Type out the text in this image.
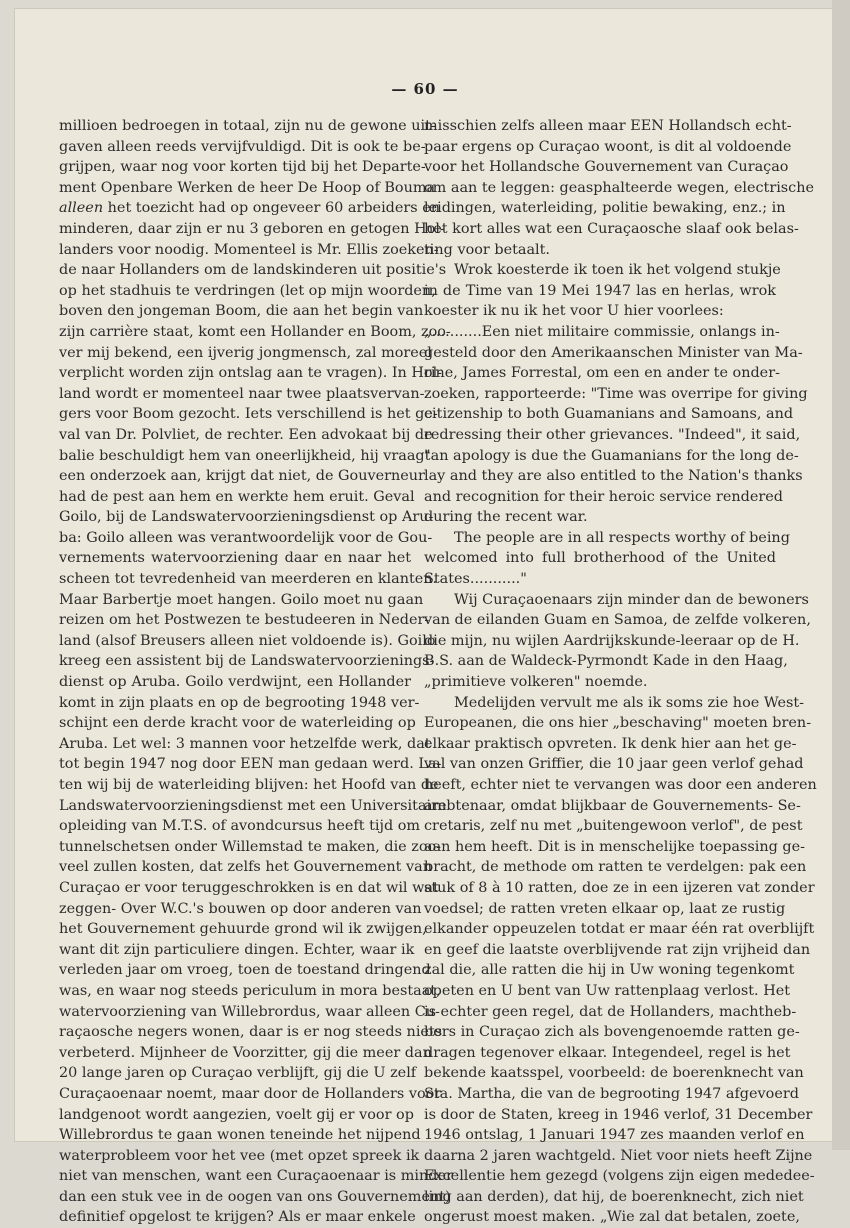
— 60 —
millioen bedroegen in totaal, zijn nu de gewone uit-
gaven alleen reeds vervijfvuldigd. Dit is ook te be-
grijpen, waar nog voor korten tijd bij het Departe-
ment Openbare Werken de heer De Hoop of Bouma
alleen het toezicht had op ongeveer 60 arbeiders en
minderen, daar zijn er nu 3 geboren en getogen Hol-
landers voor noodig. Momenteel is Mr. Ellis zoeken-
de naar Hollanders om de landskinderen uit positie's
op het stadhuis te verdringen (let op mijn woorden,
boven den jongeman Boom, die aan het begin van
zijn carrière staat, komt een Hollander en Boom, zoo-
ver mij bekend, een ijverig jongmensch, zal moreel
verplicht worden zijn ontslag aan te vragen). In Hol-
land wordt er momenteel naar twee plaatsvervan-
gers voor Boom gezocht. Iets verschillend is het ge-
val van Dr. Polvliet, de rechter. Een advokaat bij de
balie beschuldigt hem van oneerlijkheid, hij vraagt
een onderzoek aan, krijgt dat niet, de Gouverneur
had de pest aan hem en werkte hem eruit. Geval
Goilo, bij de Landswatervoorzieningsdienst op Aru-
ba: Goilo alleen was verantwoordelijk voor de Gou-
vernements watervoorziening daar en naar het
scheen tot tevredenheid van meerderen en klanten.
Maar Barbertje moet hangen. Goilo moet nu gaan
reizen om het Postwezen te bestudeeren in Neder-
land (alsof Breusers alleen niet voldoende is). Goilo
kreeg een assistent bij de Landswatervoorzienings-
dienst op Aruba. Goilo verdwijnt, een Hollander
komt in zijn plaats en op de begrooting 1948 ver-
schijnt een derde kracht voor de waterleiding op
Aruba. Let wel: 3 mannen voor hetzelfde werk, dat
tot begin 1947 nog door EEN man gedaan werd. La-
ten wij bij de waterleiding blijven: het Hoofd van de
Landswatervoorzieningsdienst met een Universitaire
opleiding van M.T.S. of avondcursus heeft tijd om
tunnelschetsen onder Willemstad te maken, die zoo-
veel zullen kosten, dat zelfs het Gouvernement van
Curaçao er voor teruggeschrokken is en dat wil wat
zeggen- Over W.C.'s bouwen op door anderen van
het Gouvernement gehuurde grond wil ik zwijgen,
want dit zijn particuliere dingen. Echter, waar ik
verleden jaar om vroeg, toen de toestand dringend
was, en waar nog steeds periculum in mora bestaat,
watervoorziening van Willebrordus, waar alleen Cu-
raçaosche negers wonen, daar is er nog steeds niets
verbeterd. Mijnheer de Voorzitter, gij die meer dan
20 lange jaren op Curaçao verblijft, gij die U zelf
Curaçaoenaar noemt, maar door de Hollanders voor
landgenoot wordt aangezien, voelt gij er voor op
Willebrordus te gaan wonen teneinde het nijpend
waterprobleem voor het vee (met opzet spreek ik
niet van menschen, want een Curaçaoenaar is minder
dan een stuk vee in de oogen van ons Gouvernement)
definitief opgelost te krijgen? Als er maar enkele
misschien zelfs alleen maar EEN Hollandsch echt-
paar ergens op Curaçao woont, is dit al voldoende
voor het Hollandsche Gouvernement van Curaçao
om aan te leggen: geasphalteerde wegen, electrische
leidingen, waterleiding, politie bewaking, enz.; in
het kort alles wat een Curaçaosche slaaf ook belas-
ting voor betaalt.
Wrok koesterde ik toen ik het volgend stukje
in de Time van 19 Mei 1947 las en herlas, wrok
koester ik nu ik het voor U hier voorlees:
„...........Een niet militaire commissie, onlangs in-
gesteld door den Amerikaanschen Minister van Ma-
rine, James Forrestal, om een en ander te onder-
zoeken, rapporteerde: "Time was overripe for giving
citizenship to both Guamanians and Samoans, and
redressing their other grievances. "Indeed", it said,
"an apology is due the Guamanians for the long de-
lay and they are also entitled to the Nation's thanks
and recognition for their heroic service rendered
during the recent war.
The people are in all respects worthy of being
welcomed into full brotherhood of the United
States..........."
Wij Curaçaoenaars zijn minder dan de bewoners
van de eilanden Guam en Samoa, de zelfde volkeren,
die mijn, nu wijlen Aardrijkskunde-leeraar op de H.
B.S. aan de Waldeck-Pyrmondt Kade in den Haag,
„primitieve volkeren" noemde.
Medelijden vervult me als ik soms zie hoe West-
Europeanen, die ons hier „beschaving" moeten bren-
elkaar praktisch opvreten. Ik denk hier aan het ge-
val van onzen Griffier, die 10 jaar geen verlof gehad
heeft, echter niet te vervangen was door een anderen
ambtenaar, omdat blijkbaar de Gouvernements- Se-
cretaris, zelf nu met „buitengewoon verlof", de pest
aan hem heeft. Dit is in menschelijke toepassing ge-
bracht, de methode om ratten te verdelgen: pak een
stuk of 8 à 10 ratten, doe ze in een ijzeren vat zonder
voedsel; de ratten vreten elkaar op, laat ze rustig
elkander oppeuzelen totdat er maar één rat overblijft
en geef die laatste overblijvende rat zijn vrijheid dan
zal die, alle ratten die hij in Uw woning tegenkomt
opeten en U bent van Uw rattenplaag verlost. Het
is echter geen regel, dat de Hollanders, machtheb-
bers in Curaçao zich als bovengenoemde ratten ge-
dragen tegenover elkaar. Integendeel, regel is het
bekende kaatsspel, voorbeeld: de boerenknecht van
Sta. Martha, die van de begrooting 1947 afgevoerd
is door de Staten, kreeg in 1946 verlof, 31 December
1946 ontslag, 1 Januari 1947 zes maanden verlof en
daarna 2 jaren wachtgeld. Niet voor niets heeft Zijne
Excellentie hem gezegd (volgens zijn eigen mededee-
ling aan derden), dat hij, de boerenknecht, zich niet
ongerust moest maken. „Wie zal dat betalen, zoete,
